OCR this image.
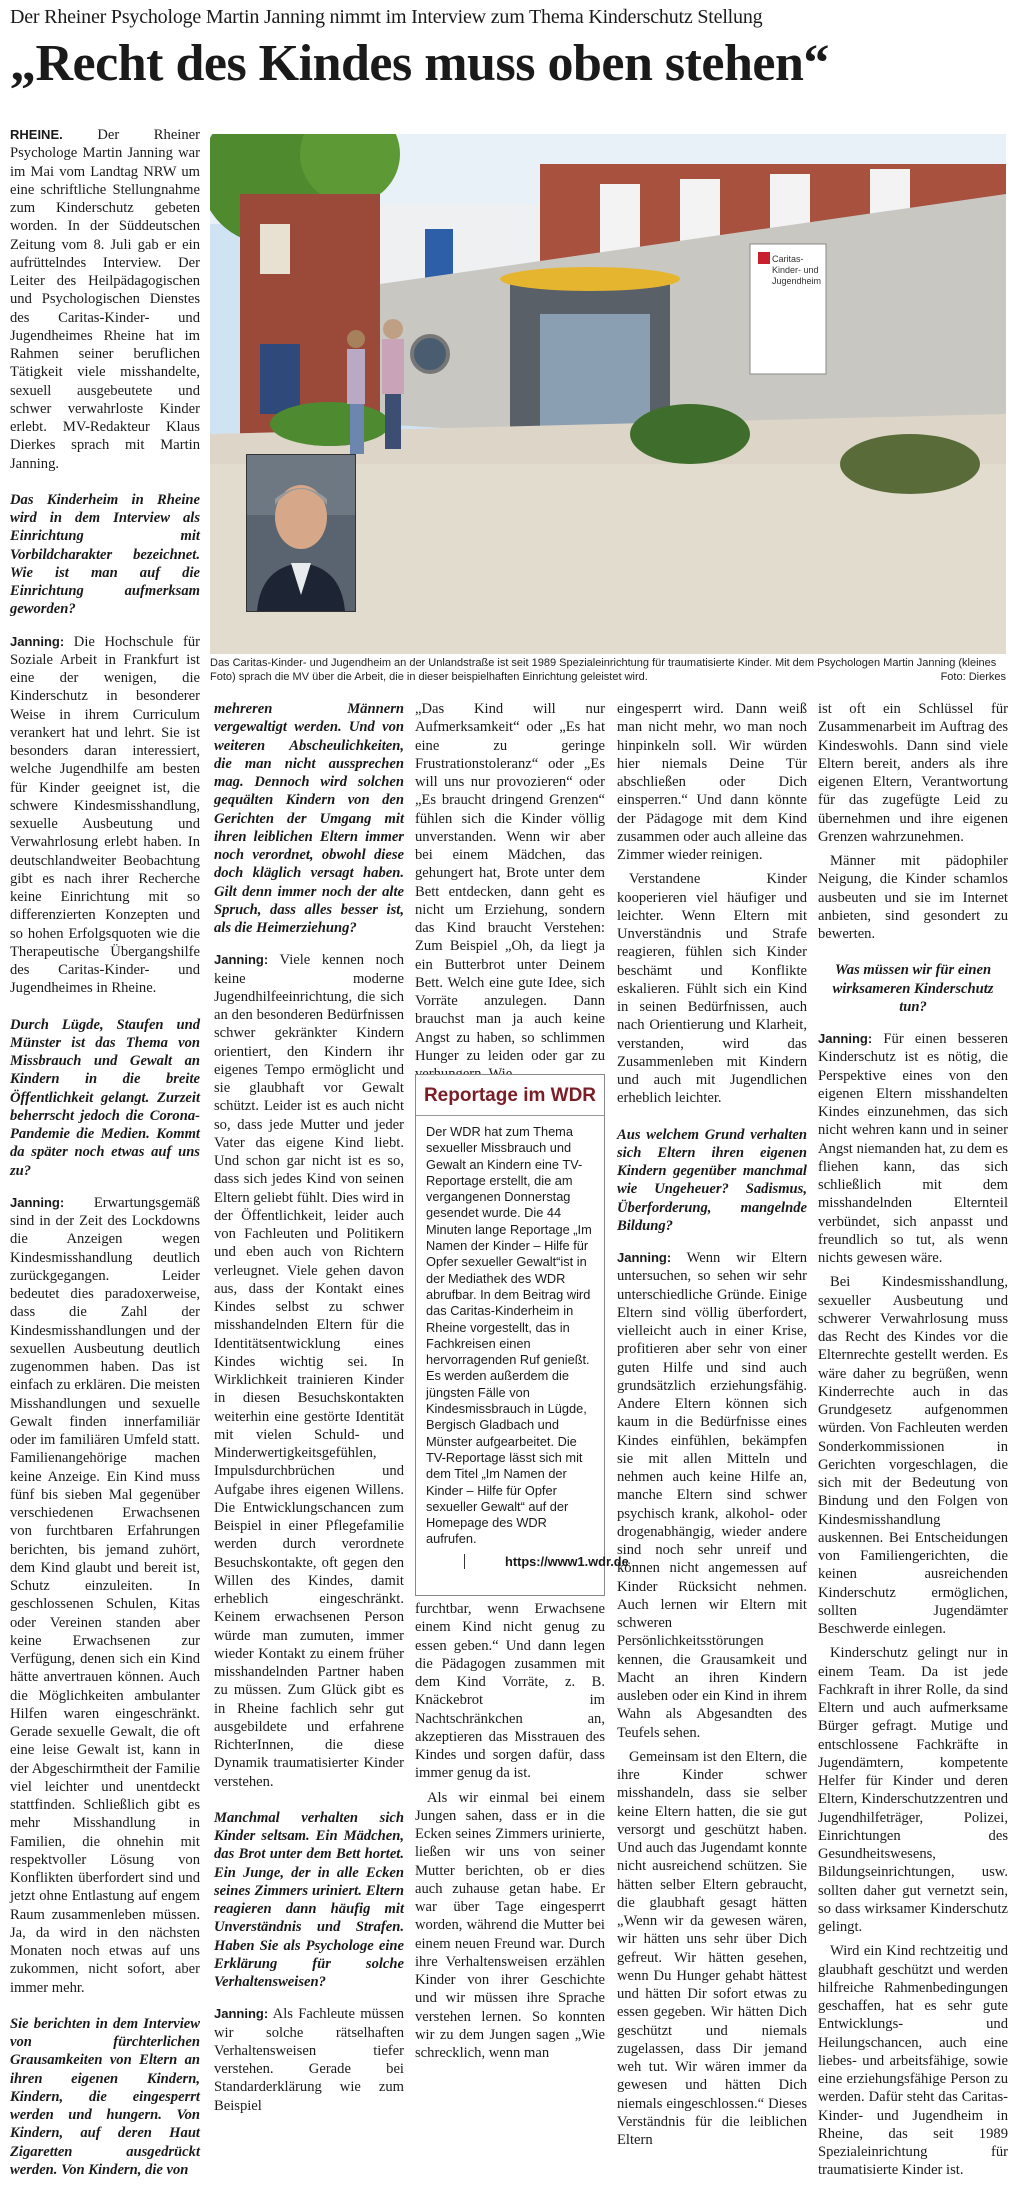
Der Rheiner Psychologe Martin Janning nimmt im Interview zum Thema Kinderschutz Stellung
„Recht des Kindes muss oben stehen“
Caritas-
Kinder- und
Jugendheim
Das Caritas-Kinder- und Jugendheim an der Unlandstraße ist seit 1989 Spezialeinrichtung für traumatisierte Kinder. Mit dem Psychologen Martin Janning (kleines Foto) sprach die MV über die Arbeit, die in dieser beispielhaften Einrichtung geleistet wird.	Foto: Dierkes

RHEINE. Der Rheiner Psychologe Martin Janning war im Mai vom Landtag NRW um eine schriftliche Stellungnahme zum Kinderschutz gebeten worden. In der Süddeutschen Zeitung vom 8. Juli gab er ein aufrüttelndes Interview. Der Leiter des Heilpädagogischen und Psychologischen Dienstes des Caritas-Kinder- und Jugendheimes Rheine hat im Rahmen seiner beruflichen Tätigkeit viele misshandelte, sexuell ausgebeutete und schwer verwahrloste Kinder erlebt. MV-Redakteur Klaus Dierkes sprach mit Martin Janning.

Das Kinderheim in Rheine wird in dem Interview als Einrichtung mit Vorbildcharakter bezeichnet. Wie ist man auf die Einrichtung aufmerksam geworden?

Janning: Die Hochschule für Soziale Arbeit in Frankfurt ist eine der wenigen, die Kinderschutz in besonderer Weise in ihrem Curriculum verankert hat und lehrt. Sie ist besonders daran interessiert, welche Jugendhilfe am besten für Kinder geeignet ist, die schwere Kindesmisshandlung, sexuelle Ausbeutung und Verwahrlosung erlebt haben. In deutschlandweiter Beobachtung gibt es nach ihrer Recherche keine Einrichtung mit so differenzierten Konzepten und so hohen Erfolgsquoten wie die Therapeutische Übergangshilfe des Caritas-Kinder- und Jugendheimes in Rheine.

Durch Lügde, Staufen und Münster ist das Thema von Missbrauch und Gewalt an Kindern in die breite Öffentlichkeit gelangt. Zurzeit beherrscht jedoch die Corona-Pandemie die Medien. Kommt da später noch etwas auf uns zu?

Janning: Erwartungsgemäß sind in der Zeit des Lockdowns die Anzeigen wegen Kindesmisshandlung deutlich zurückgegangen. Leider bedeutet dies paradoxerweise, dass die Zahl der Kindesmisshandlungen und der sexuellen Ausbeutung deutlich zugenommen haben. Das ist einfach zu erklären. Die meisten Misshandlungen und sexuelle Gewalt finden innerfamiliär oder im familiären Umfeld statt. Familienangehörige machen keine Anzeige. Ein Kind muss fünf bis sieben Mal gegenüber verschiedenen Erwachsenen von furchtbaren Erfahrungen berichten, bis jemand zuhört, dem Kind glaubt und bereit ist, Schutz einzuleiten. In geschlossenen Schulen, Kitas oder Vereinen standen aber keine Erwachsenen zur Verfügung, denen sich ein Kind hätte anvertrauen können. Auch die Möglichkeiten ambulanter Hilfen waren eingeschränkt. Gerade sexuelle Gewalt, die oft eine leise Gewalt ist, kann in der Abgeschirmtheit der Familie viel leichter und unentdeckt stattfinden. Schließlich gibt es mehr Misshandlung in Familien, die ohnehin mit respektvoller Lösung von Konflikten überfordert sind und jetzt ohne Entlastung auf engem Raum zusammenleben müssen. Ja, da wird in den nächsten Monaten noch etwas auf uns zukommen, nicht sofort, aber immer mehr.

Sie berichten in dem Interview von fürchterlichen Grausamkeiten von Eltern an ihren eigenen Kindern, Kindern, die eingesperrt werden und hungern. Von Kindern, auf deren Haut Zigaretten ausgedrückt werden. Von Kindern, die von

mehreren Männern vergewaltigt werden. Und von weiteren Abscheulichkeiten, die man nicht aussprechen mag. Dennoch wird solchen gequälten Kindern von den Gerichten der Umgang mit ihren leiblichen Eltern immer noch verordnet, obwohl diese doch kläglich versagt haben. Gilt denn immer noch der alte Spruch, dass alles besser ist, als die Heimerziehung?

Janning: Viele kennen noch keine moderne Jugendhilfeeinrichtung, die sich an den besonderen Bedürfnissen schwer gekränkter Kindern orientiert, den Kindern ihr eigenes Tempo ermöglicht und sie glaubhaft vor Gewalt schützt. Leider ist es auch nicht so, dass jede Mutter und jeder Vater das eigene Kind liebt. Und schon gar nicht ist es so, dass sich jedes Kind von seinen Eltern geliebt fühlt. Dies wird in der Öffentlichkeit, leider auch von Fachleuten und Politikern und eben auch von Richtern verleugnet. Viele gehen davon aus, dass der Kontakt eines Kindes selbst zu schwer misshandelnden Eltern für die Identitätsentwicklung eines Kindes wichtig sei. In Wirklichkeit trainieren Kinder in diesen Besuchskontakten weiterhin eine gestörte Identität mit vielen Schuld- und Minderwertigkeitsgefühlen, Impulsdurchbrüchen und Aufgabe ihres eigenen Willens. Die Entwicklungschancen zum Beispiel in einer Pflegefamilie werden durch verordnete Besuchskontakte, oft gegen den Willen des Kindes, damit erheblich eingeschränkt. Keinem erwachsenen Person würde man zumuten, immer wieder Kontakt zu einem früher misshandelnden Partner haben zu müssen. Zum Glück gibt es in Rheine fachlich sehr gut ausgebildete und erfahrene RichterInnen, die diese Dynamik traumatisierter Kinder verstehen.

Manchmal verhalten sich Kinder seltsam. Ein Mädchen, das Brot unter dem Bett hortet. Ein Junge, der in alle Ecken seines Zimmers uriniert. Eltern reagieren dann häufig mit Unverständnis und Strafen. Haben Sie als Psychologe eine Erklärung für solche Verhaltensweisen?

Janning: Als Fachleute müssen wir solche rätselhaften Verhaltensweisen tiefer verstehen. Gerade bei Standarderklärung wie zum Beispiel

„Das Kind will nur Aufmerksamkeit“ oder „Es hat eine zu geringe Frustrationstoleranz“ oder „Es will uns nur provozieren“ oder „Es braucht dringend Grenzen“ fühlen sich die Kinder völlig unverstanden. Wenn wir aber bei einem Mädchen, das gehungert hat, Brote unter dem Bett entdecken, dann geht es nicht um Erziehung, sondern das Kind braucht Verstehen: Zum Beispiel „Oh, da liegt ja ein Butterbrot unter Deinem Bett. Welch eine gute Idee, sich Vorräte anzulegen. Dann brauchst man ja auch keine Angst zu haben, so schlimmen Hunger zu leiden oder gar zu

Reportage im WDR
Der WDR hat zum Thema sexueller Missbrauch und Gewalt an Kindern eine TV-Reportage erstellt, die am vergangenen Donnerstag gesendet wurde. Die 44 Minuten lange Reportage „Im Namen der Kinder – Hilfe für Opfer sexueller Gewalt“ist in der Mediathek des WDR abrufbar. In dem Beitrag wird das Caritas-Kinderheim in Rheine vorgestellt, das in Fachkreisen einen hervorragenden Ruf genießt. Es werden außerdem die jüngsten Fälle von Kindesmissbrauch in Lügde, Bergisch Gladbach und Münster aufgearbeitet. Die TV-Reportage lässt sich mit dem Titel „Im Namen der Kinder – Hilfe für Opfer sexueller Gewalt“ auf der Homepage des WDR aufrufen.
https://www1.wdr.de

furchtbar, wenn Erwachsene einem Kind nicht genug zu essen geben.“ Und dann legen die Pädagogen zusammen mit dem Kind Vorräte, z. B. Knäckebrot im Nachtschränkchen an, akzeptieren das Misstrauen des Kindes und sorgen dafür, dass immer genug da ist.

Als wir einmal bei einem Jungen sahen, dass er in die Ecken seines Zimmers urinierte, ließen wir uns von seiner Mutter berichten, ob er dies auch zuhause getan habe. Er war über Tage eingesperrt worden, während die Mutter bei einem neuen Freund war. Durch ihre Verhaltensweisen erzählen Kinder von ihrer Geschichte und wir müssen ihre Sprache verstehen lernen. So konnten wir zu dem Jungen sagen „Wie schrecklich, wenn man

eingesperrt wird. Dann weiß man nicht mehr, wo man noch hinpinkeln soll. Wir würden hier niemals Deine Tür abschließen oder Dich einsperren.“ Und dann könnte der Pädagoge mit dem Kind zusammen oder auch alleine das Zimmer wieder reinigen.

Verstandene Kinder kooperieren viel häufiger und leichter. Wenn Eltern mit Unverständnis und Strafe reagieren, fühlen sich Kinder beschämt und Konflikte eskalieren. Fühlt sich ein Kind in seinen Bedürfnissen, auch nach Orientierung und Klarheit, verstanden, wird das Zusammenleben mit Kindern und auch mit Jugendlichen erheblich leichter.

Aus welchem Grund verhalten sich Eltern ihren eigenen Kindern gegenüber manchmal wie Ungeheuer? Sadismus, Überforderung, mangelnde Bildung?

Janning: Wenn wir Eltern untersuchen, so sehen wir sehr unterschiedliche Gründe. Einige Eltern sind völlig überfordert, vielleicht auch in einer Krise, profitieren aber sehr von einer guten Hilfe und sind auch grundsätzlich erziehungsfähig. Andere Eltern können sich kaum in die Bedürfnisse eines Kindes einfühlen, bekämpfen sie mit allen Mitteln und nehmen auch keine Hilfe an, manche Eltern sind schwer psychisch krank, alkohol- oder drogenabhängig, wieder andere sind noch sehr unreif und können nicht angemessen auf Kinder Rücksicht nehmen. Auch lernen wir Eltern mit schweren Persönlichkeitsstörungen kennen, die Grausamkeit und Macht an ihren Kindern ausleben oder ein Kind in ihrem Wahn als Abgesandten des Teufels sehen.

Gemeinsam ist den Eltern, die ihre Kinder schwer misshandeln, dass sie selber keine Eltern hatten, die sie gut versorgt und geschützt haben. Und auch das Jugendamt konnte nicht ausreichend schützen. Sie hätten selber Eltern gebraucht, die glaubhaft gesagt hätten „Wenn wir da gewesen wären, wir hätten uns sehr über Dich gefreut. Wir hätten gesehen, wenn Du Hunger gehabt hättest und hätten Dir sofort etwas zu essen gegeben. Wir hätten Dich geschützt und niemals zugelassen, dass Dir jemand weh tut. Wir wären immer da gewesen und hätten Dich niemals eingeschlossen.“ Dieses Verständnis für die leiblichen Eltern

ist oft ein Schlüssel für Zusammenarbeit im Auftrag des Kindeswohls. Dann sind viele Eltern bereit, anders als ihre eigenen Eltern, Verantwortung für das zugefügte Leid zu übernehmen und ihre eigenen Grenzen wahrzunehmen.

Männer mit pädophiler Neigung, die Kinder schamlos ausbeuten und sie im Internet anbieten, sind gesondert zu bewerten.

Was müssen wir für einen wirksameren Kinderschutz tun?

Janning: Für einen besseren Kinderschutz ist es nötig, die Perspektive eines von den eigenen Eltern misshandelten Kindes einzunehmen, das sich nicht wehren kann und in seiner Angst niemanden hat, zu dem es fliehen kann, das sich schließlich mit dem misshandelnden Elternteil verbündet, sich anpasst und freundlich so tut, als wenn nichts gewesen wäre.

Bei Kindesmisshandlung, sexueller Ausbeutung und schwerer Verwahrlosung muss das Recht des Kindes vor die Elternrechte gestellt werden. Es wäre daher zu begrüßen, wenn Kinderrechte auch in das Grundgesetz aufgenommen würden. Von Fachleuten werden Sonderkommissionen in Gerichten vorgeschlagen, die sich mit der Bedeutung von Bindung und den Folgen von Kindesmisshandlung auskennen. Bei Entscheidungen von Familiengerichten, die keinen ausreichenden Kinderschutz ermöglichen, sollten Jugendämter Beschwerde einlegen.

Kinderschutz gelingt nur in einem Team. Da ist jede Fachkraft in ihrer Rolle, da sind Eltern und auch aufmerksame Bürger gefragt. Mutige und entschlossene Fachkräfte in Jugendämtern, kompetente Helfer für Kinder und deren Eltern, Kinderschutzzentren und Jugendhilfeträger, Polizei, Einrichtungen des Gesundheitswesens, Bildungseinrichtungen, usw. sollten daher gut vernetzt sein, so dass wirksamer Kinderschutz gelingt.

Wird ein Kind rechtzeitig und glaubhaft geschützt und werden hilfreiche Rahmenbedingungen geschaffen, hat es sehr gute Entwicklungs- und Heilungschancen, auch eine liebes- und arbeitsfähige, sowie eine erziehungsfähige Person zu werden. Dafür steht das Caritas-Kinder- und Jugendheim in Rheine, das seit 1989 Spezialeinrichtung für traumatisierte Kinder ist.
